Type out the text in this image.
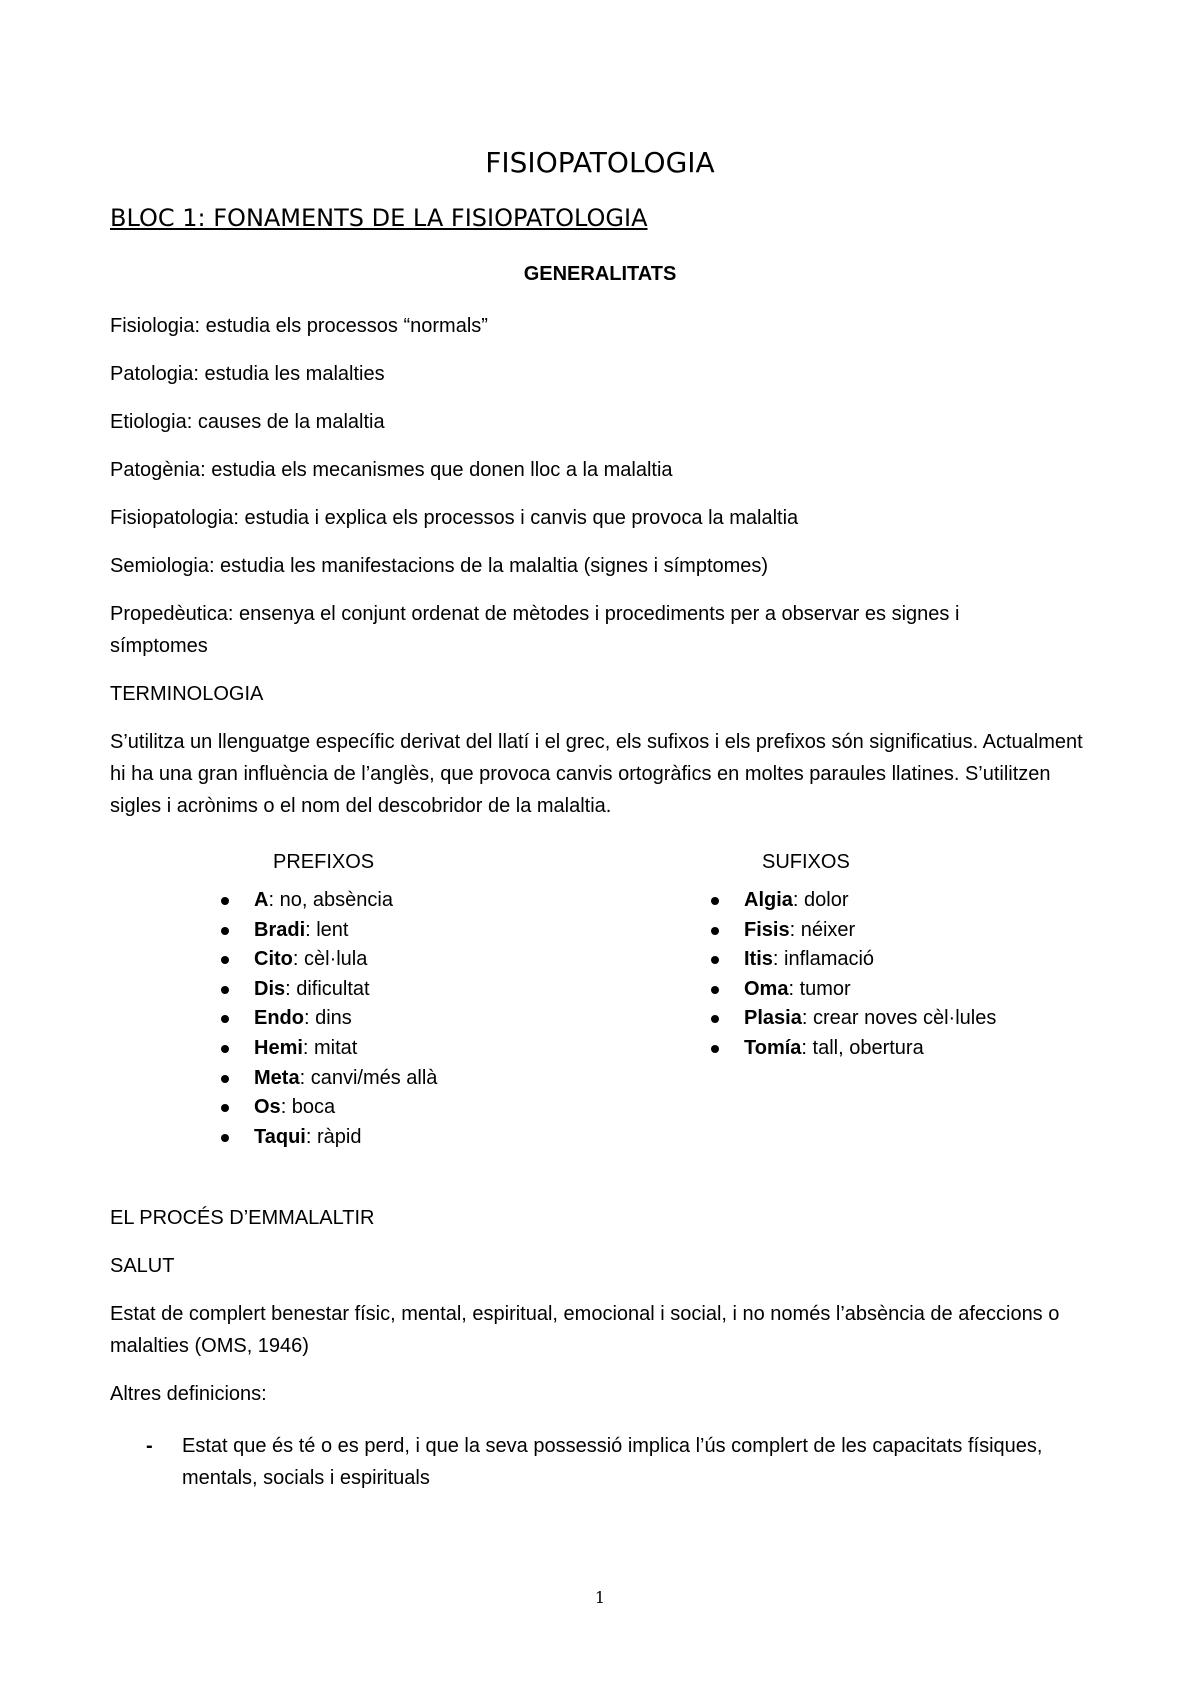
FISIOPATOLOGIA
BLOC 1: FONAMENTS DE LA FISIOPATOLOGIA
GENERALITATS
Fisiologia: estudia els processos “normals”
Patologia: estudia les malalties
Etiologia: causes de la malaltia
Patogènia: estudia els mecanismes que donen lloc a la malaltia
Fisiopatologia: estudia i explica els processos i canvis que provoca la malaltia
Semiologia: estudia les manifestacions de la malaltia (signes i símptomes)
Propedèutica: ensenya el conjunt ordenat de mètodes i procediments per a observar es signes i símptomes
TERMINOLOGIA
S’utilitza un llenguatge específic derivat del llatí i el grec, els sufixos i els prefixos són significatius. Actualment hi ha una gran influència de l’anglès, que provoca canvis ortogràfics en moltes paraules llatines. S’utilitzen sigles i acrònims o el nom del descobridor de la malaltia.
PREFIXOS	SUFIXOS
A: no, absència
Bradi: lent
Cito: cèl·lula
Dis: dificultat
Endo: dins
Hemi: mitat
Meta: canvi/més allà
Os: boca
Taqui: ràpid
Algia: dolor
Fisis: néixer
Itis: inflamació
Oma: tumor
Plasia: crear noves cèl·lules
Tomía: tall, obertura
EL PROCÉS D’EMMALALTIR
SALUT
Estat de complert benestar físic, mental, espiritual, emocional i social, i no només l’absència de afeccions o malalties (OMS, 1946)
Altres definicions:
- Estat que és té o es perd, i que la seva possessió implica l’ús complert de les capacitats físiques, mentals, socials i espirituals
1
